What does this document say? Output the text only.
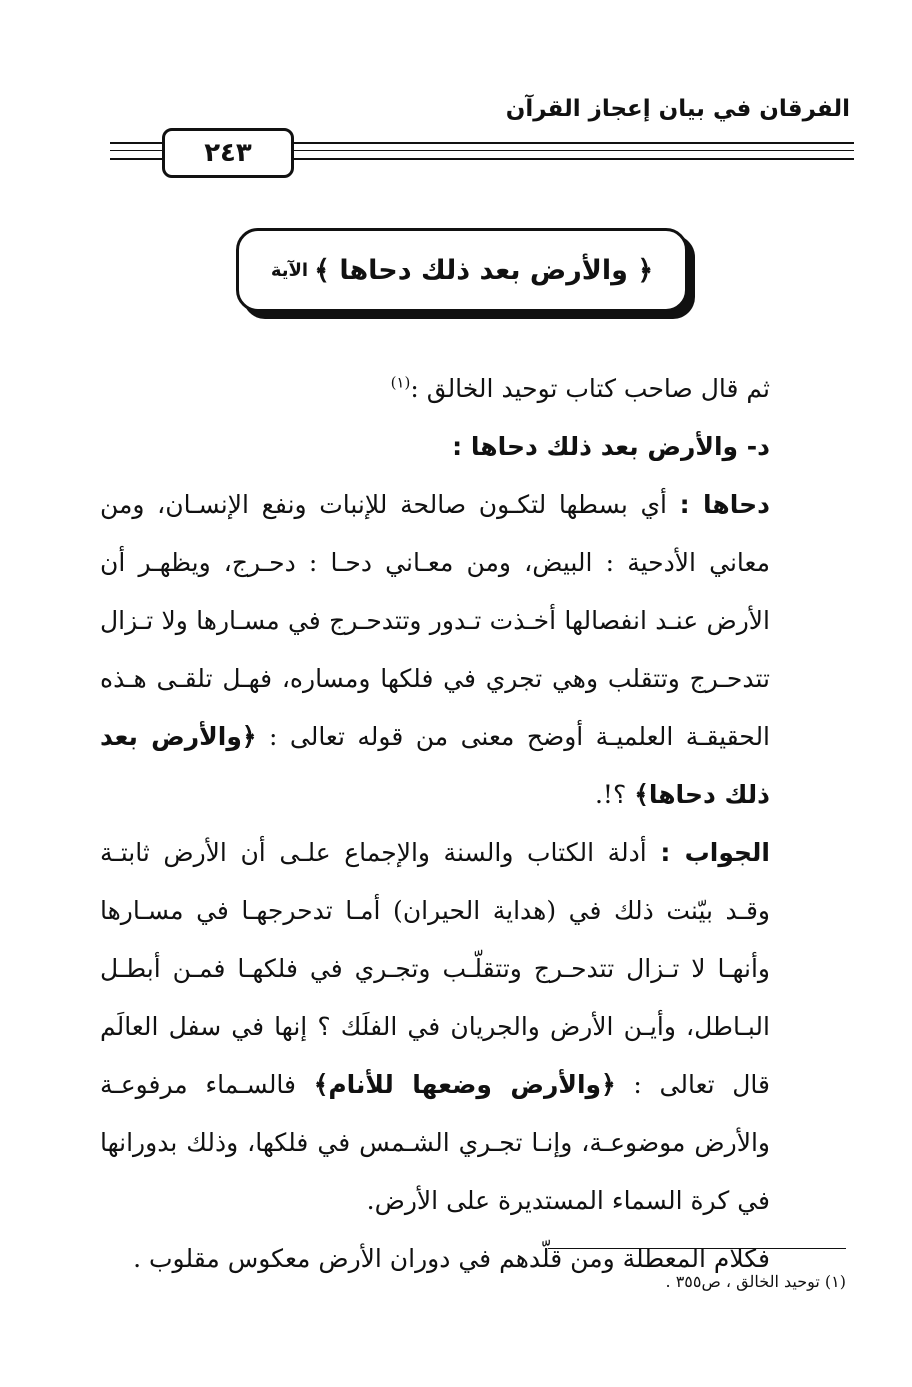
الفرقان في بيان إعجاز القرآن
٢٤٣
﴿ والأرض بعد ذلك دحاها ﴾
الآية

ثم قال صاحب كتاب توحيد الخالق :$^{(١)}$

د- والأرض بعد ذلك دحاها :

دحاها : أي بسطها لتكـون صالحة للإنبات ونفع الإنسـان، ومن معاني الأدحية : البيض، ومن معـاني دحـا : دحـرج، ويظهـر أن الأرض عنـد انفصالها أخـذت تـدور وتتدحـرج في مسـارها ولا تـزال تتدحـرج وتتقلب وهي تجري في فلكها ومساره، فهـل تلقـى هـذه الحقيقـة العلميـة أوضح معنى من قوله تعالى : ﴿والأرض بعد ذلك دحاها﴾ ؟!.

الجواب : أدلة الكتاب والسنة والإجماع علـى أن الأرض ثابتـة وقـد بيّنت ذلك في (هداية الحيران) أمـا تدحرجهـا في مسـارها وأنهـا لا تـزال تتدحـرج وتتقلّـب وتجـري في فلكهـا فمـن أبطـل البـاطل، وأيـن الأرض والجريان في الفلَك ؟ إنها في سفل العالَم قال تعالى : ﴿والأرض وضعها للأنام﴾ فالسـماء مرفوعـة والأرض موضوعـة، وإنـا تجـري الشـمس في فلكها، وذلك بدورانها في كرة السماء المستديرة على الأرض.

فكلام المعطلة ومن قلّدهم في دوران الأرض معكوس مقلوب .

(١) توحيد الخالق ، ص٣٥٥ .
